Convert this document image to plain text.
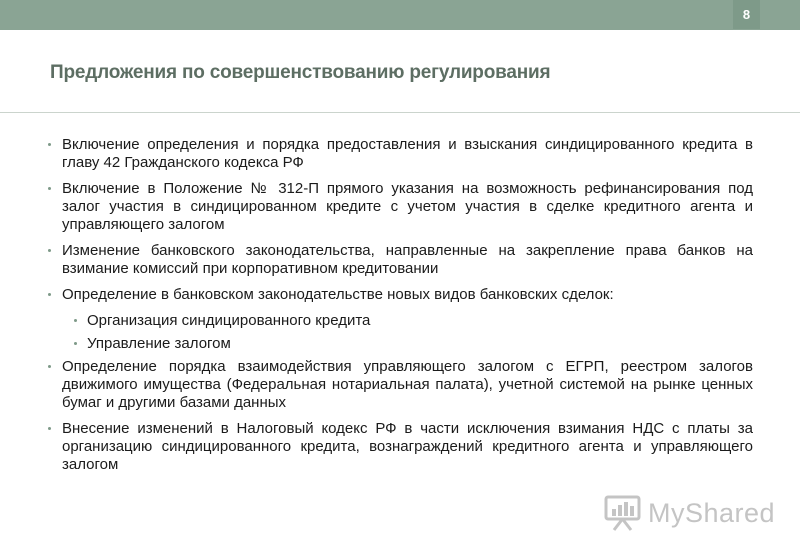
8
Предложения по совершенствованию регулирования
Включение определения и порядка предоставления и взыскания синдицированного кредита в главу 42 Гражданского кодекса РФ
Включение в Положение № 312-П прямого указания на возможность рефинансирования под залог участия в синдицированном кредите с учетом участия в сделке кредитного агента и управляющего залогом
Изменение банковского законодательства, направленные на закрепление права банков на взимание комиссий при корпоративном кредитовании
Определение в банковском законодательстве новых видов банковских сделок:
Организация синдицированного кредита
Управление залогом
Определение порядка взаимодействия управляющего залогом с ЕГРП, реестром залогов движимого имущества (Федеральная нотариальная палата), учетной системой на рынке ценных бумаг и другими базами данных
Внесение изменений в Налоговый кодекс РФ в части исключения взимания НДС с платы за организацию синдицированного кредита, вознаграждений кредитного агента и управляющего залогом
MyShared
